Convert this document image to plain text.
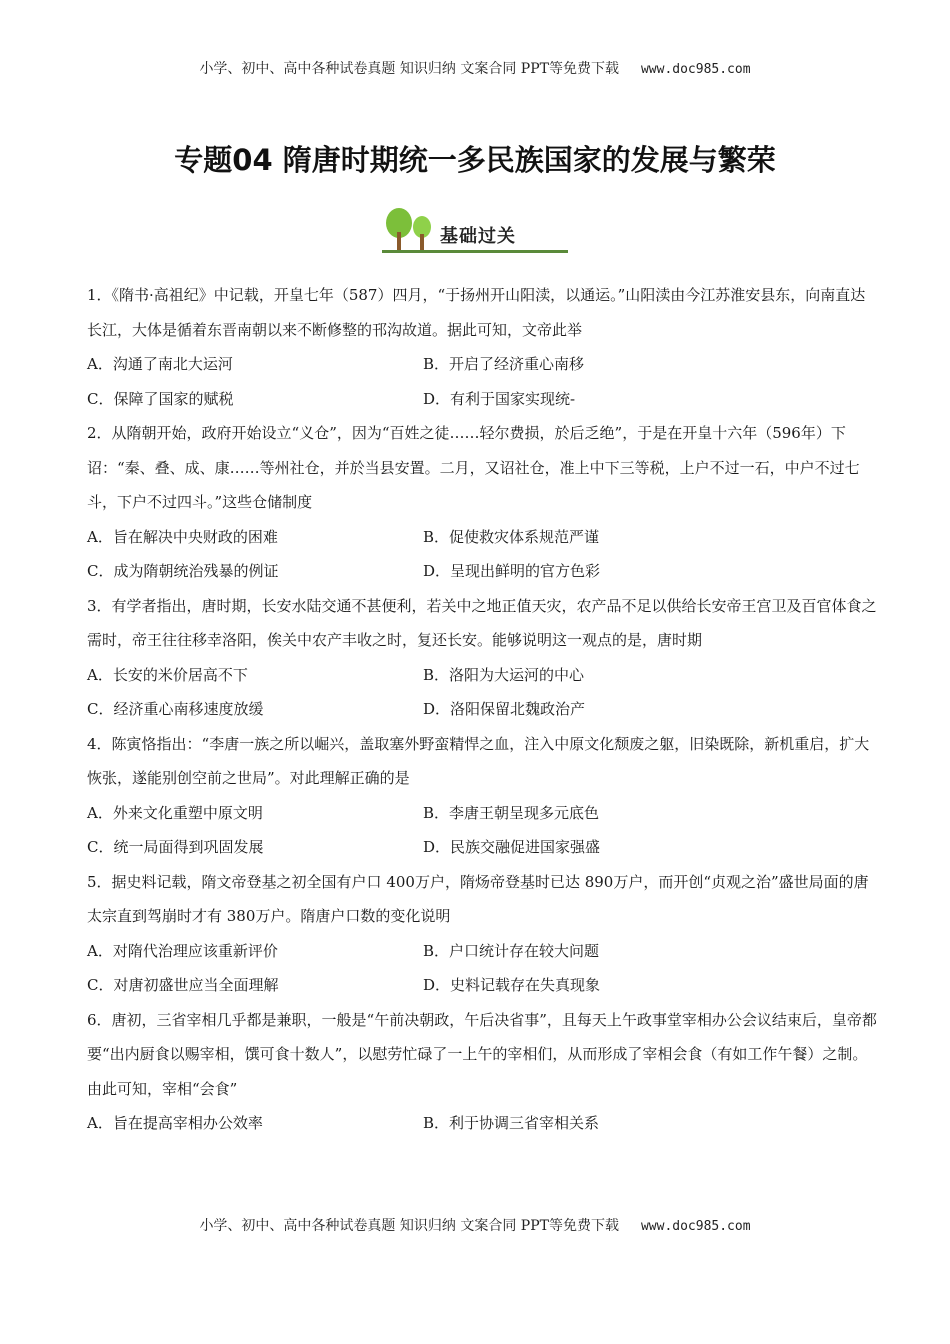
小学、初中、高中各种试卷真题 知识归纳 文案合同 PPT等免费下载 www.doc985.com
专题04 隋唐时期统一多民族国家的发展与繁荣
基础过关

1．《隋书·高祖纪》中记载，开皇七年（587）四月，“于扬州开山阳渎，以通运。”山阳渎由今江苏淮安县东，向南直达长江，大体是循着东晋南朝以来不断修整的邗沟故道。据此可知，文帝此举

A．沟通了南北大运河	B．开启了经济重心南移
C．保障了国家的赋税	D．有利于国家实现统-

2．从隋朝开始，政府开始设立“义仓”，因为“百姓之徒……轻尔费损，於后乏绝”，于是在开皇十六年（596年）下诏：“秦、叠、成、康……等州社仓，并於当县安置。二月，又诏社仓，准上中下三等税，上户不过一石，中户不过七斗，下户不过四斗。”这些仓储制度

A．旨在解决中央财政的困难	B．促使救灾体系规范严谨
C．成为隋朝统治残暴的例证	D．呈现出鲜明的官方色彩

3．有学者指出，唐时期，长安水陆交通不甚便利，若关中之地正值天灾，农产品不足以供给长安帝王宫卫及百官体食之需时，帝王往往移幸洛阳，俟关中农产丰收之时，复还长安。能够说明这一观点的是，唐时期

A．长安的米价居高不下	B．洛阳为大运河的中心
C．经济重心南移速度放缓	D．洛阳保留北魏政治产

4．陈寅恪指出：“李唐一族之所以崛兴，盖取塞外野蛮精悍之血，注入中原文化颓废之躯，旧染既除，新机重启，扩大恢张，遂能别创空前之世局”。对此理解正确的是

A．外来文化重塑中原文明	B．李唐王朝呈现多元底色
C．统一局面得到巩固发展	D．民族交融促进国家强盛

5．据史料记载，隋文帝登基之初全国有户口 400万户，隋炀帝登基时已达 890万户，而开创“贞观之治”盛世局面的唐太宗直到驾崩时才有 380万户。隋唐户口数的变化说明

A．对隋代治理应该重新评价	B．户口统计存在较大问题
C．对唐初盛世应当全面理解	D．史料记载存在失真现象

6．唐初，三省宰相几乎都是兼职，一般是“午前决朝政，午后决省事”，且每天上午政事堂宰相办公会议结束后，皇帝都要“出内厨食以赐宰相，馔可食十数人”，以慰劳忙碌了一上午的宰相们，从而形成了宰相会食（有如工作午餐）之制。由此可知，宰相“会食”

A．旨在提高宰相办公效率	B．利于协调三省宰相关系
小学、初中、高中各种试卷真题 知识归纳 文案合同 PPT等免费下载 www.doc985.com
